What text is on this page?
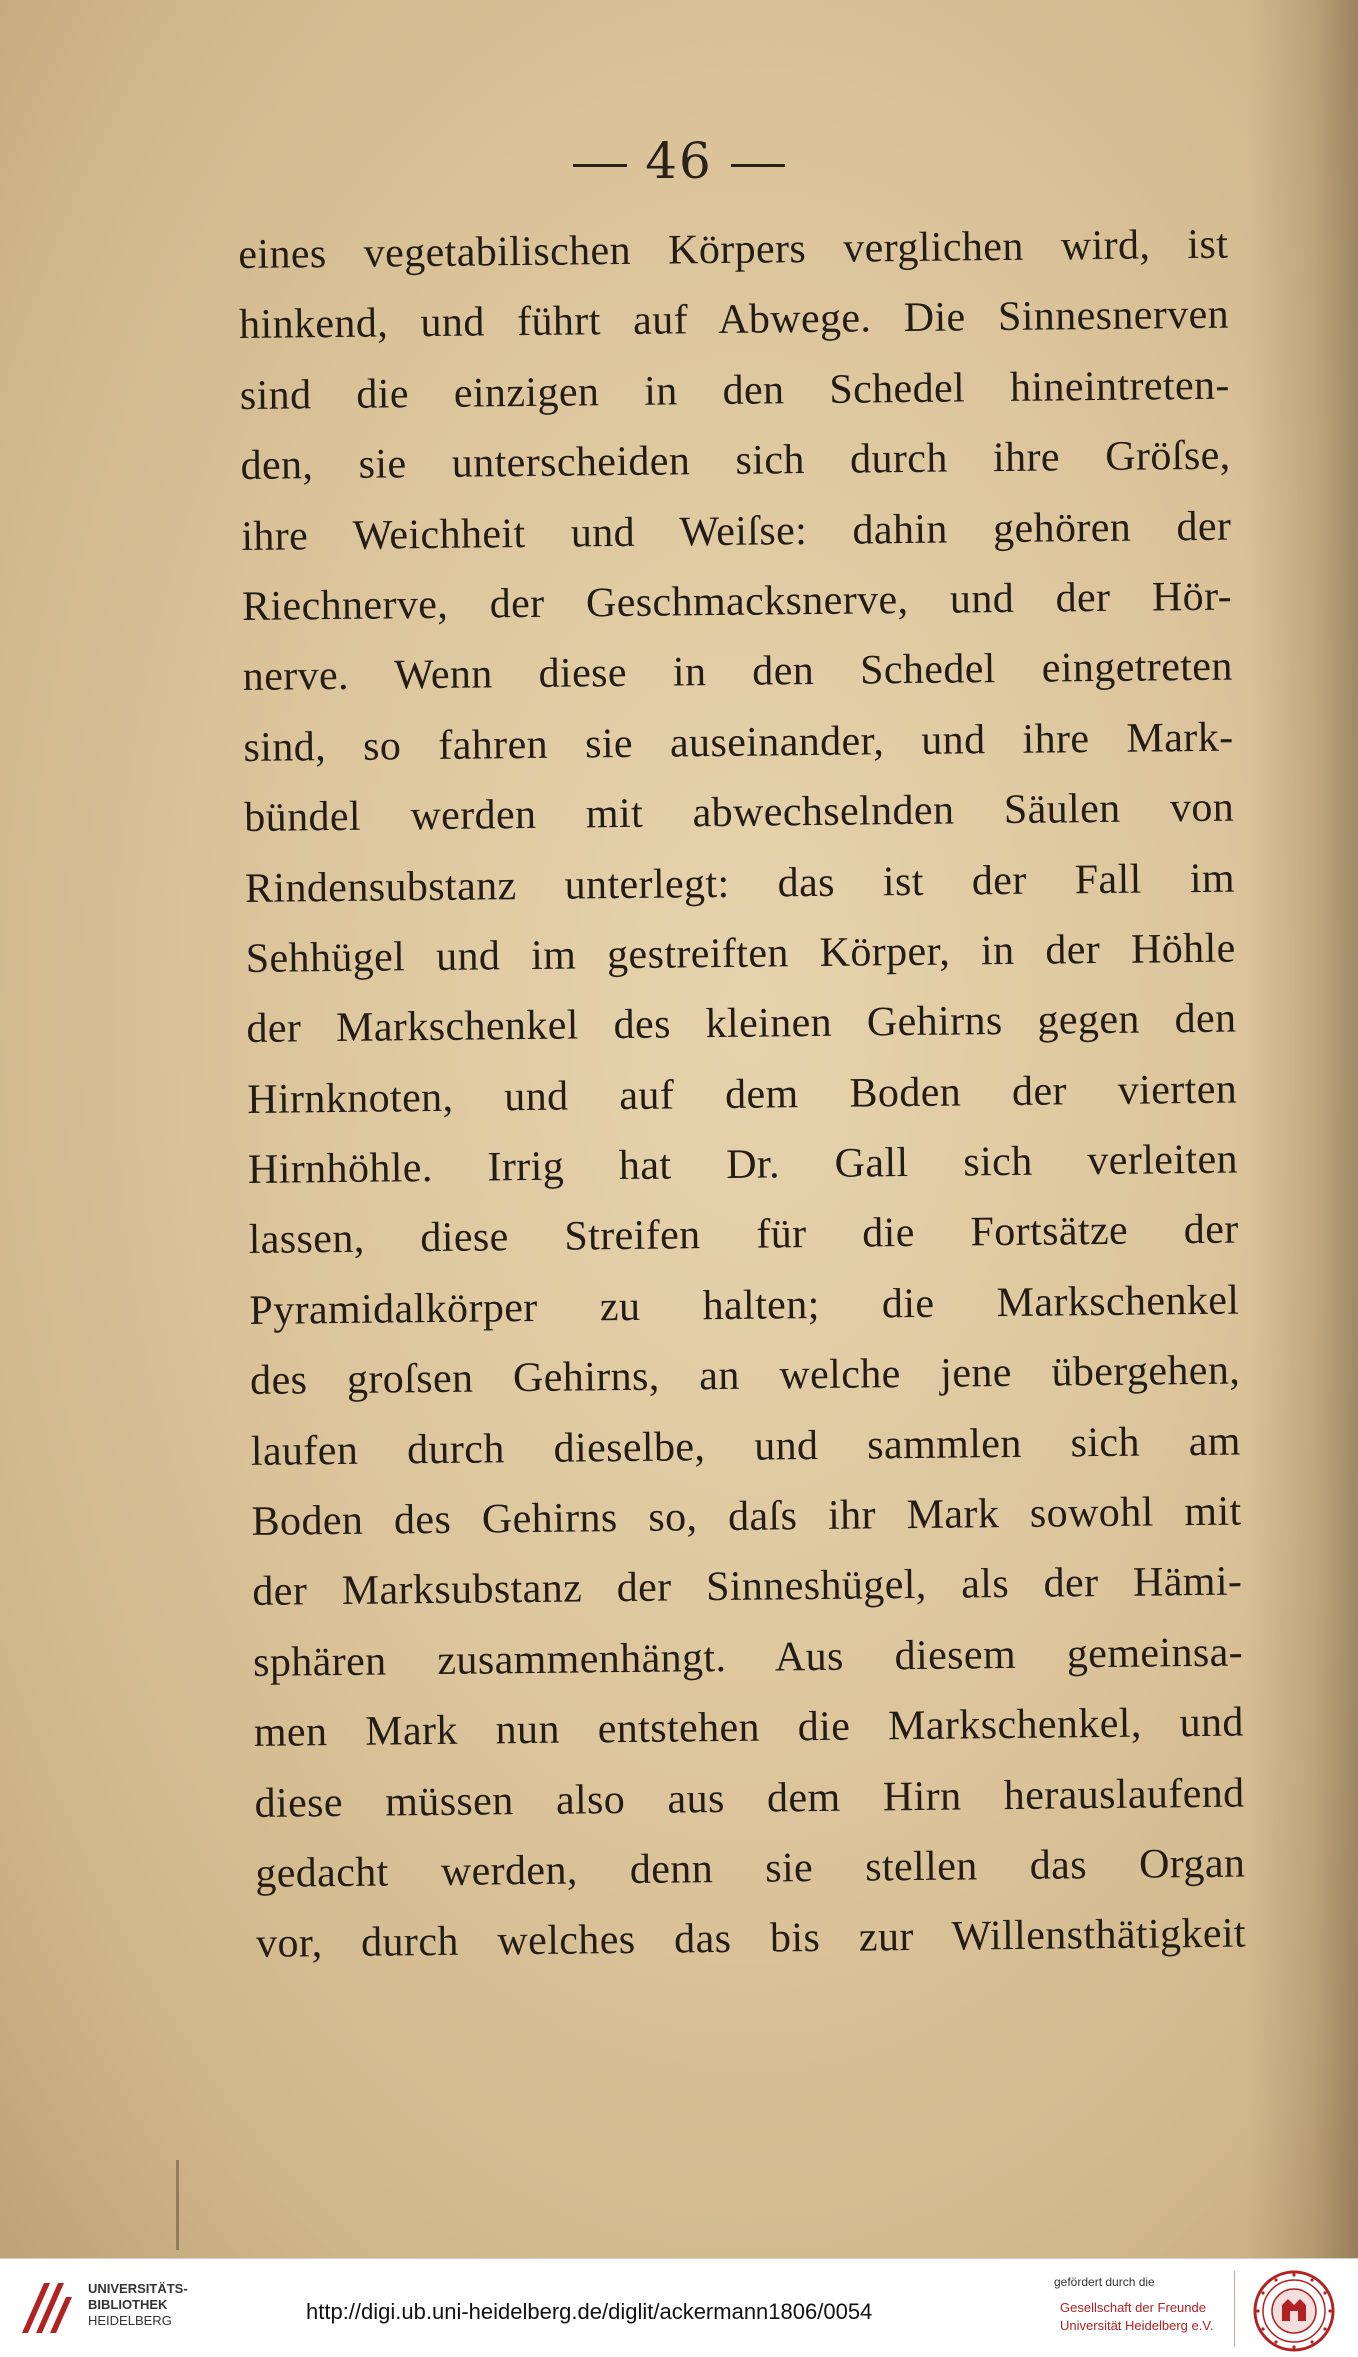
46
eines vegetabilischen Körpers verglichen wird, ist
hinkend, und führt auf Abwege. Die Sinnesnerven
sind die einzigen in den Schedel hineintreten-
den, sie unterscheiden sich durch ihre Gröſse,
ihre Weichheit und Weiſse: dahin gehören der
Riechnerve, der Geschmacksnerve, und der Hör-
nerve. Wenn diese in den Schedel eingetreten
sind, so fahren sie auseinander, und ihre Mark-
bündel werden mit abwechselnden Säulen von
Rindensubstanz unterlegt: das ist der Fall im
Sehhügel und im gestreiften Körper, in der Höhle
der Markschenkel des kleinen Gehirns gegen den
Hirnknoten, und auf dem Boden der vierten
Hirnhöhle. Irrig hat Dr. Gall sich verleiten
lassen, diese Streifen für die Fortsätze der
Pyramidalkörper zu halten; die Markschenkel
des groſsen Gehirns, an welche jene übergehen,
laufen durch dieselbe, und sammlen sich am
Boden des Gehirns so, daſs ihr Mark sowohl mit
der Marksubstanz der Sinneshügel, als der Hämi-
sphären zusammenhängt. Aus diesem gemeinsa-
men Mark nun entstehen die Markschenkel, und
diese müssen also aus dem Hirn herauslaufend
gedacht werden, denn sie stellen das Organ
vor, durch welches das bis zur Willensthätigkeit
UNIVERSITÄTS-
BIBLIOTHEK
HEIDELBERG	http://digi.ub.uni-heidelberg.de/diglit/ackermann1806/0054
gefördert durch die
Gesellschaft der Freunde
Universität Heidelberg e.V.
